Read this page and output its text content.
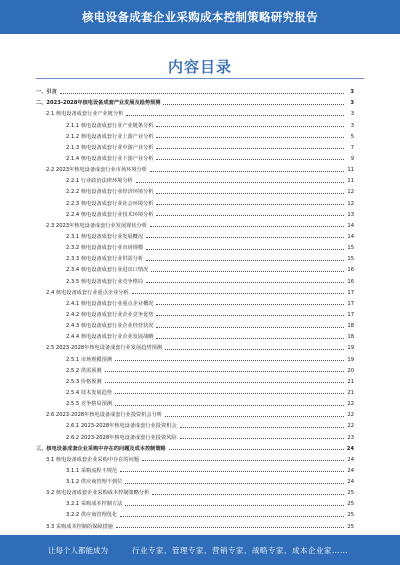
核电设备成套企业采购成本控制策略研究报告
内容目录
一、引言	3
二、2023-2028年核电设备成套产业发展及趋势预测	3
2.1 核电设备成套行业产业链分析	3
2.1.1 核电设备成套行业产业链条分析	3
2.1.2 核电设备成套行业上游产业分析	5
2.1.3 核电设备成套行业中游产业分析	7
2.1.4 核电设备成套行业下游产业分析	9
2.2 2023年核电设备成套行业市场环境分析	11
2.2.1 行业政治法律环境分析	11
2.2.2 核电设备成套行业经济环境分析	12
2.2.3 核电设备成套行业社会环境分析	12
2.2.4 核电设备成套行业技术环境分析	13
2.3 2023年核电设备成套行业发展现状分析	14
2.3.1 核电设备成套行业发展概况	14
2.3.2 核电设备成套行业市场规模	15
2.3.3 核电设备成套行业供需分析	15
2.3.4 核电设备成套行业进出口情况	16
2.3.5 核电设备成套行业竞争格局	16
2.4 核电设备成套行业重点企业分析	17
2.4.1 核电设备成套行业重点企业概况	17
2.4.2 核电设备成套行业企业竞争优势	17
2.4.3 核电设备成套行业企业经营状况	18
2.4.4 核电设备成套行业企业发展战略	18
2.5 2023-2028年核电设备成套行业发展趋势预测	19
2.5.1 市场规模预测	19
2.5.2 供需预测	20
2.5.3 价格预测	21
2.5.4 技术发展趋势	21
2.5.5 竞争格局预测	22
2.6 2023-2028年核电设备成套行业投资机会分析	22
2.6.1 2023-2028年核电设备成套行业投资机会	22
2.6.2 2023-2028年核电设备成套行业投资风险	23
三、核电设备成套企业采购中存在的问题及成本控制策略	24
3.1 核电设备成套企业采购中存在的问题	24
3.1.1 采购流程不规范	24
3.1.2 供应商管理不到位	24
3.2 核电设备成套企业采购成本控制策略分析	25
3.2.1 采购成本控制方法	25
3.2.2 供应商管理优化	25
3.3 采购成本控制的保障措施	25
让每个人都能成为	行业专家、管理专家、营销专家、战略专家、成本企业家……
